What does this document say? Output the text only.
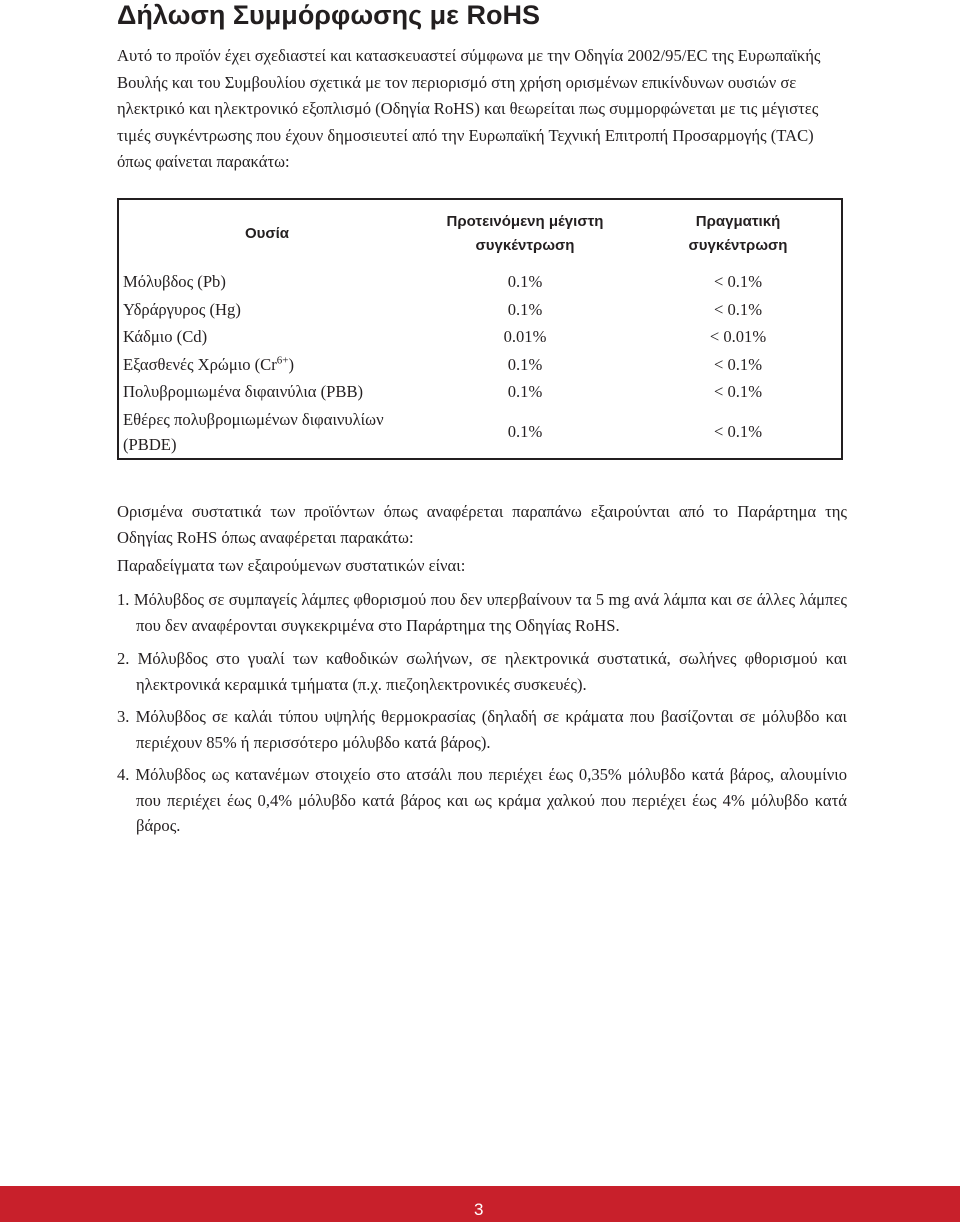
Δήλωση Συμμόρφωσης με RoHS

Αυτό το προϊόν έχει σχεδιαστεί και κατασκευαστεί σύμφωνα με την Οδηγία 2002/95/EC της Ευρωπαϊκής Βουλής και του Συμβουλίου σχετικά με τον περιορισμό στη χρήση ορισμένων επικίνδυνων ουσιών σε ηλεκτρικό και ηλεκτρονικό εξοπλισμό (Οδηγία RoHS) και θεωρείται πως συμμορφώνεται με τις μέγιστες τιμές συγκέντρωσης που έχουν δημοσιευτεί από την Ευρωπαϊκή Τεχνική Επιτροπή Προσαρμογής (TAC) όπως φαίνεται παρακάτω:

Ουσία	Προτεινόμενη μέγιστη συγκέντρωση	Πραγματική συγκέντρωση
Μόλυβδος (Pb)	0.1%	< 0.1%
Υδράργυρος (Hg)	0.1%	< 0.1%
Κάδμιο (Cd)	0.01%	< 0.01%
Εξασθενές Χρώμιο $(Cr^{6+})$	0.1%	< 0.1%
Πολυβρομιωμένα διφαινύλια (PBB)	0.1%	< 0.1%
Εθέρες πολυβρομιωμένων διφαινυλίων (PBDE)	0.1%	< 0.1%

Ορισμένα συστατικά των προϊόντων όπως αναφέρεται παραπάνω εξαιρούνται από το Παράρτημα της Οδηγίας RoHS όπως αναφέρεται παρακάτω:

Παραδείγματα των εξαιρούμενων συστατικών είναι:

1. Μόλυβδος σε συμπαγείς λάμπες φθορισμού που δεν υπερβαίνουν τα 5 mg ανά λάμπα και σε άλλες λάμπες που δεν αναφέρονται συγκεκριμένα στο Παράρτημα της Οδηγίας RoHS.

2. Μόλυβδος στο γυαλί των καθοδικών σωλήνων, σε ηλεκτρονικά συστατικά, σωλήνες φθορισμού και ηλεκτρονικά κεραμικά τμήματα (π.χ. πιεζοηλεκτρονικές συσκευές).

3. Μόλυβδος σε καλάι τύπου υψηλής θερμοκρασίας (δηλαδή σε κράματα που βασίζονται σε μόλυβδο και περιέχουν 85% ή περισσότερο μόλυβδο κατά βάρος).

4. Μόλυβδος ως κατανέμων στοιχείο στο ατσάλι που περιέχει έως 0,35% μόλυβδο κατά βάρος, αλουμίνιο που περιέχει έως 0,4% μόλυβδο κατά βάρος και ως κράμα χαλκού που περιέχει έως 4% μόλυβδο κατά βάρος.

3
